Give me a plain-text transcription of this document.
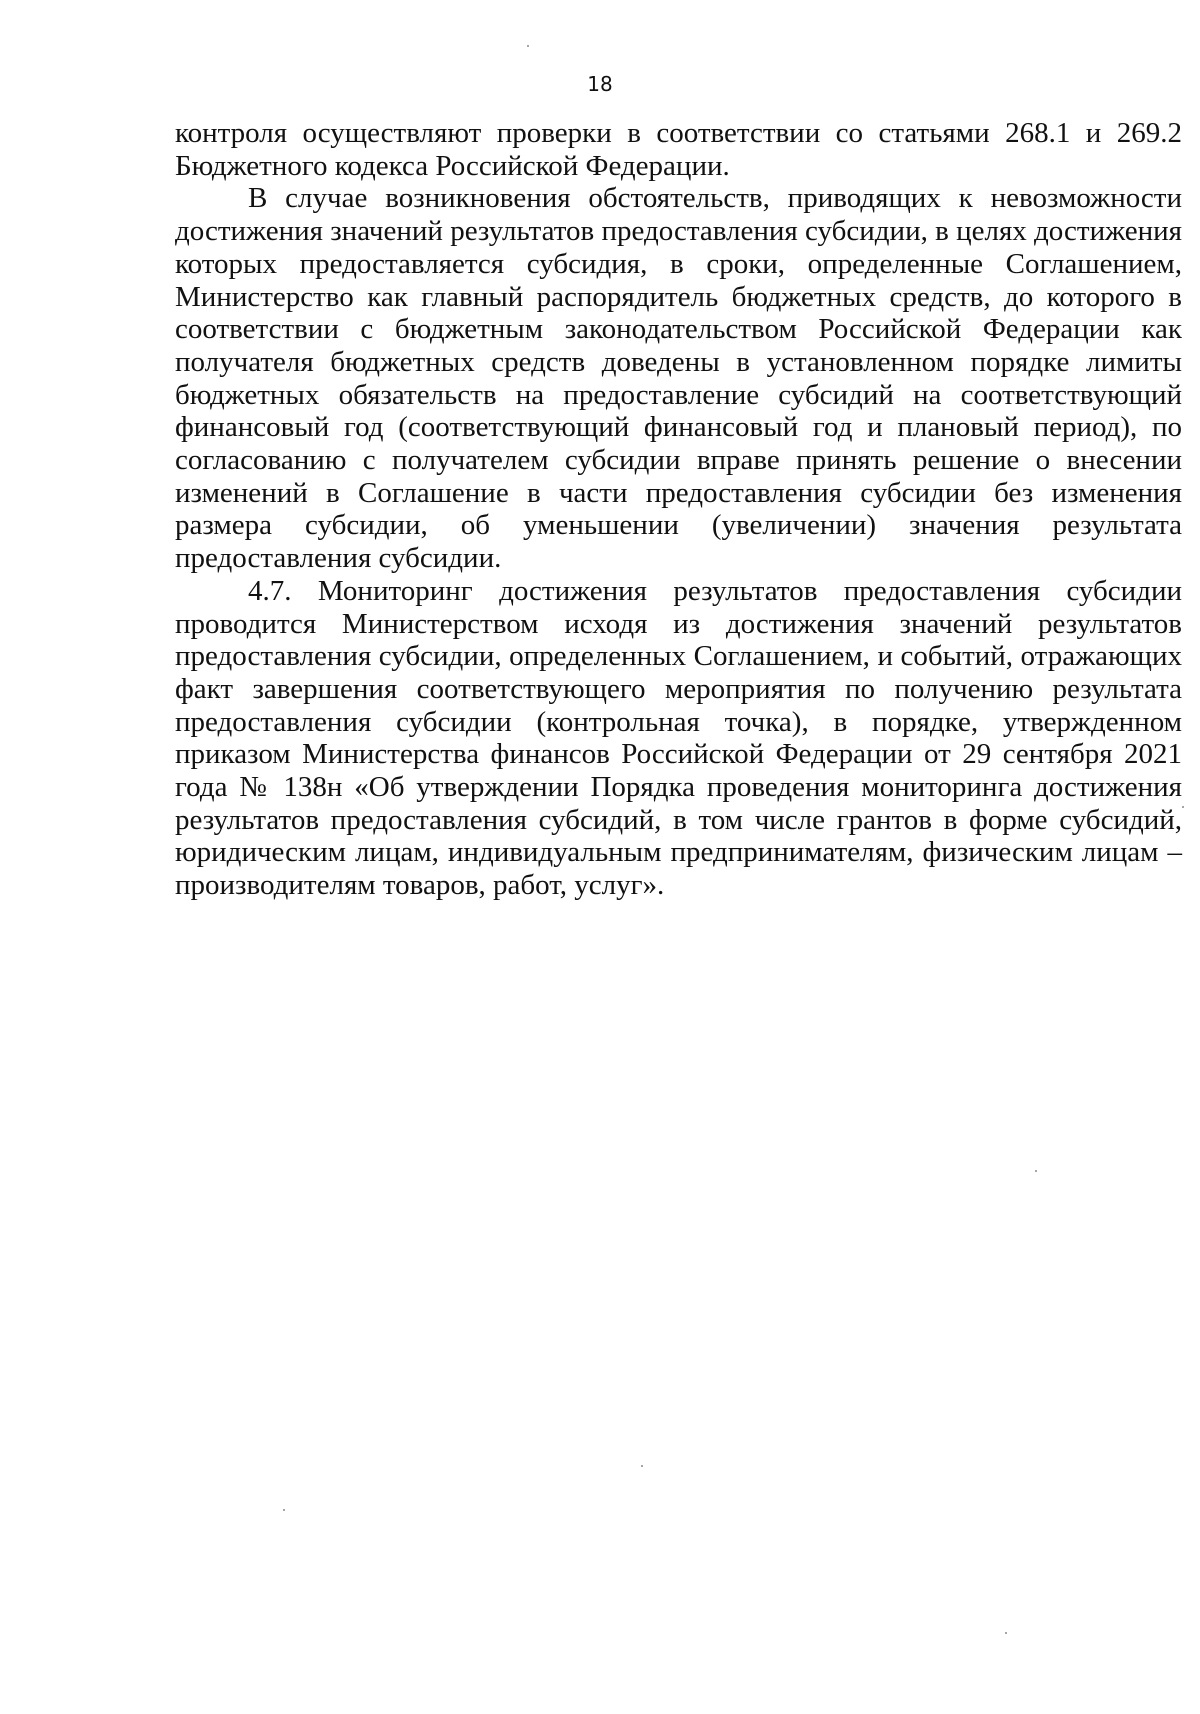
18

контроля осуществляют проверки в соответствии со статьями 268.1 и 269.2 Бюджетного кодекса Российской Федерации.

В случае возникновения обстоятельств, приводящих к невозможности достижения значений результатов предоставления субсидии, в целях достижения которых предоставляется субсидия, в сроки, определенные Соглашением, Министерство как главный распорядитель бюджетных средств, до которого в соответствии с бюджетным законодательством Российской Федерации как получателя бюджетных средств доведены в установленном порядке лимиты бюджетных обязательств на предоставление субсидий на соответствующий финансовый год (соответствующий финансовый год и плановый период), по согласованию с получателем субсидии вправе принять решение о внесении изменений в Соглашение в части предоставления субсидии без изменения размера субсидии, об уменьшении (увеличении) значения результата предоставления субсидии.

4.7. Мониторинг достижения результатов предоставления субсидии проводится Министерством исходя из достижения значений результатов предоставления субсидии, определенных Соглашением, и событий, отражающих факт завершения соответствующего мероприятия по получению результата предоставления субсидии (контрольная точка), в порядке, утвержденном приказом Министерства финансов Российской Федерации от 29 сентября 2021 года № 138н «Об утверждении Порядка проведения мониторинга достижения результатов предоставления субсидий, в том числе грантов в форме субсидий, юридическим лицам, индивидуальным предпринимателям, физическим лицам – производителям товаров, работ, услуг».
